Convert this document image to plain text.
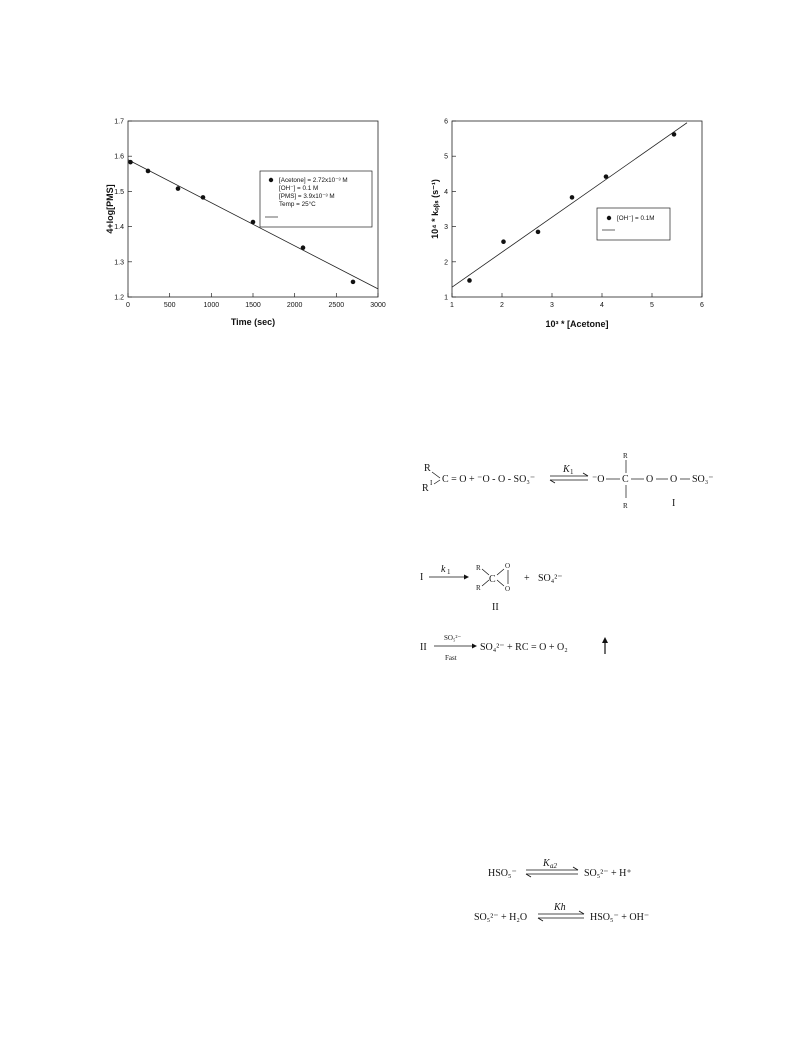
0	500	1000	1500	2000	2500	3000
1.2
1.3
1.4
1.5
1.6
1.7
[Acetone] = 2.72x10⁻³ M
[OH⁻] = 0.1 M
[PMS] = 3.9x10⁻³ M
Temp = 25°C
Time (sec)
4+log[PMS]
1	2	3	4	5	6
1
2
3
4
5
6
[OH⁻] = 0.1M
10³ * [Acetone]
10⁴ * kₒᵦₛ (s⁻¹)
R
R I C = O + ⁻O - O - SO₃⁻
K 1
⁻O C
R
R
O O SO₃⁻
I
I
k 1	R
R
C
O
O
+ SO₄²⁻
II
II
SO₅²⁻
Fast
SO₄²⁻ + RC = O + O₂
HSO₅⁻
K a2
SO₅²⁻ + H⁺
SO₅²⁻ + H₂O
Kh
HSO₅⁻ + OH⁻
